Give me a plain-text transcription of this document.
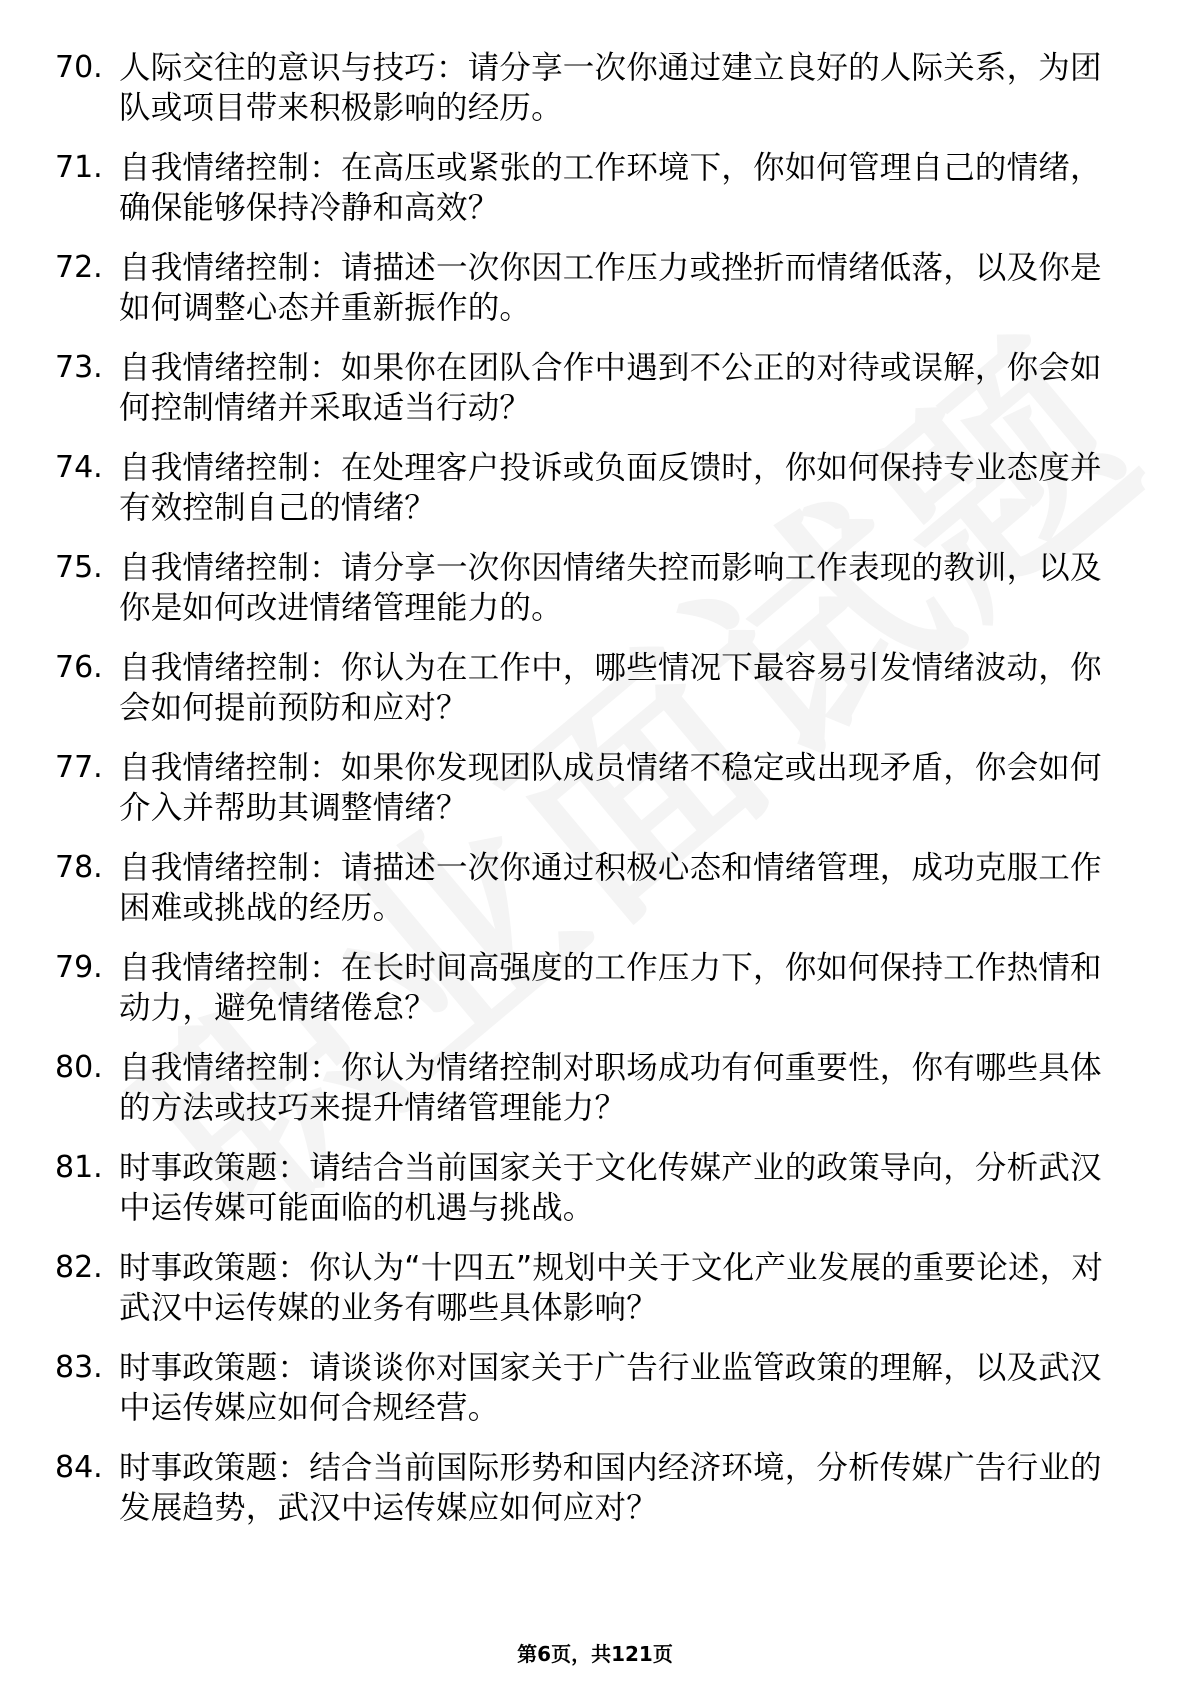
70. 人际交往的意识与技巧：请分享一次你通过建立良好的人际关系，为团队或项目带来积极影响的经历。
71. 自我情绪控制：在高压或紧张的工作环境下，你如何管理自己的情绪，确保能够保持冷静和高效？
72. 自我情绪控制：请描述一次你因工作压力或挫折而情绪低落，以及你是如何调整心态并重新振作的。
73. 自我情绪控制：如果你在团队合作中遇到不公正的对待或误解，你会如何控制情绪并采取适当行动？
74. 自我情绪控制：在处理客户投诉或负面反馈时，你如何保持专业态度并有效控制自己的情绪？
75. 自我情绪控制：请分享一次你因情绪失控而影响工作表现的教训，以及你是如何改进情绪管理能力的。
76. 自我情绪控制：你认为在工作中，哪些情况下最容易引发情绪波动，你会如何提前预防和应对？
77. 自我情绪控制：如果你发现团队成员情绪不稳定或出现矛盾，你会如何介入并帮助其调整情绪？
78. 自我情绪控制：请描述一次你通过积极心态和情绪管理，成功克服工作困难或挑战的经历。
79. 自我情绪控制：在长时间高强度的工作压力下，你如何保持工作热情和动力，避免情绪倦怠？
80. 自我情绪控制：你认为情绪控制对职场成功有何重要性，你有哪些具体的方法或技巧来提升情绪管理能力？
81. 时事政策题：请结合当前国家关于文化传媒产业的政策导向，分析武汉中运传媒可能面临的机遇与挑战。
82. 时事政策题：你认为“十四五”规划中关于文化产业发展的重要论述，对武汉中运传媒的业务有哪些具体影响？
83. 时事政策题：请谈谈你对国家关于广告行业监管政策的理解，以及武汉中运传媒应如何合规经营。
84. 时事政策题：结合当前国际形势和国内经济环境，分析传媒广告行业的发展趋势，武汉中运传媒应如何应对？
第6页，共121页
